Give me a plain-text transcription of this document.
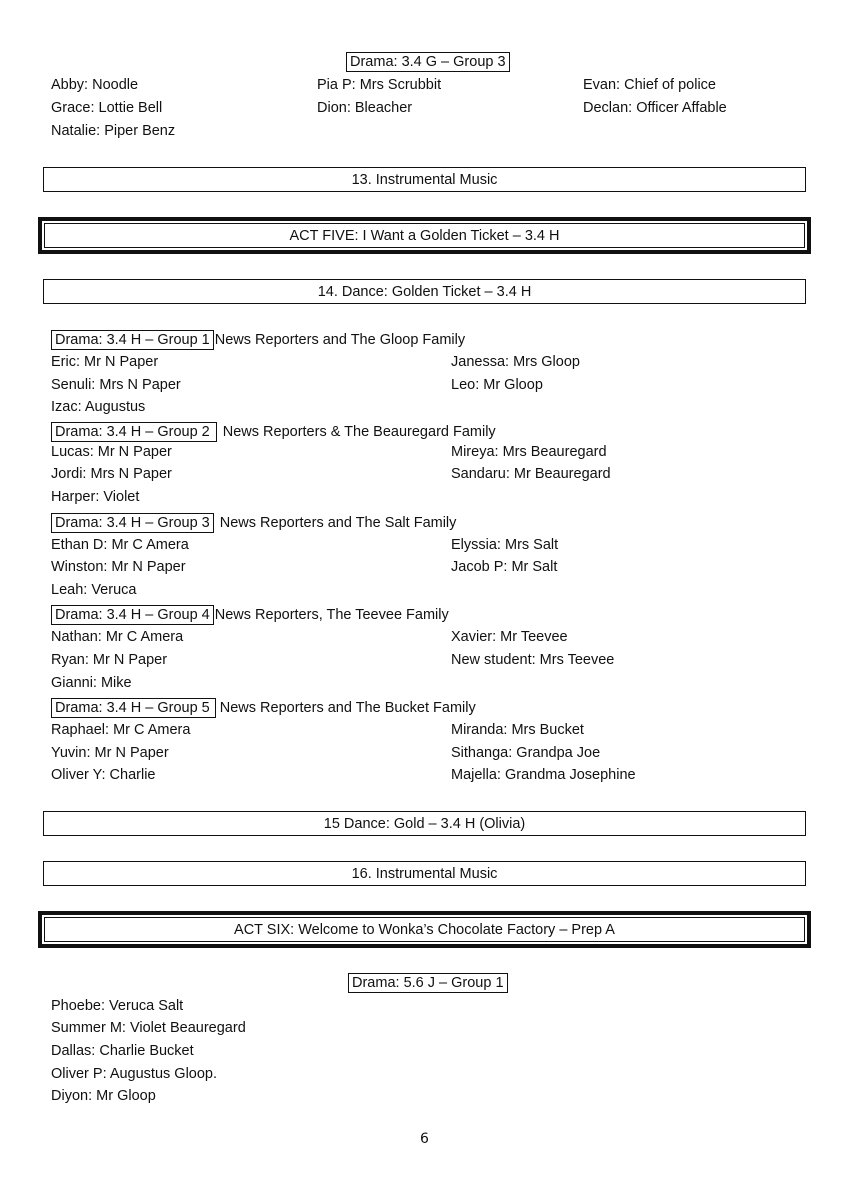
Drama: 3.4 G – Group 3
Abby: Noodle	Pia P: Mrs Scrubbit	Evan: Chief of police
Grace: Lottie Bell	Dion: Bleacher	Declan: Officer Affable
Natalie: Piper Benz
13. Instrumental Music
ACT FIVE: I Want a Golden Ticket – 3.4 H
14. Dance: Golden Ticket – 3.4 H
Drama: 3.4 H – Group 1 News Reporters and The Gloop Family
Eric: Mr N Paper	Janessa: Mrs Gloop
Senuli: Mrs N Paper	Leo: Mr Gloop
Izac: Augustus
Drama: 3.4 H – Group 2 News Reporters & The Beauregard Family
Lucas: Mr N Paper	Mireya: Mrs Beauregard
Jordi: Mrs N Paper	Sandaru: Mr Beauregard
Harper: Violet
Drama: 3.4 H – Group 3 News Reporters and The Salt Family
Ethan D: Mr C Amera	Elyssia: Mrs Salt
Winston: Mr N Paper	Jacob P: Mr Salt
Leah: Veruca
Drama: 3.4 H – Group 4 News Reporters, The Teevee Family
Nathan: Mr C Amera	Xavier: Mr Teevee
Ryan: Mr N Paper	New student: Mrs Teevee
Gianni: Mike
Drama: 3.4 H – Group 5 News Reporters and The Bucket Family
Raphael: Mr C Amera	Miranda: Mrs Bucket
Yuvin: Mr N Paper	Sithanga: Grandpa Joe
Oliver Y: Charlie	Majella: Grandma Josephine
15 Dance: Gold – 3.4 H (Olivia)
16. Instrumental Music
ACT SIX: Welcome to Wonka’s Chocolate Factory – Prep A
Drama: 5.6 J – Group 1
Phoebe: Veruca Salt
Summer M: Violet Beauregard
Dallas: Charlie Bucket
Oliver P: Augustus Gloop.
Diyon: Mr Gloop
6
